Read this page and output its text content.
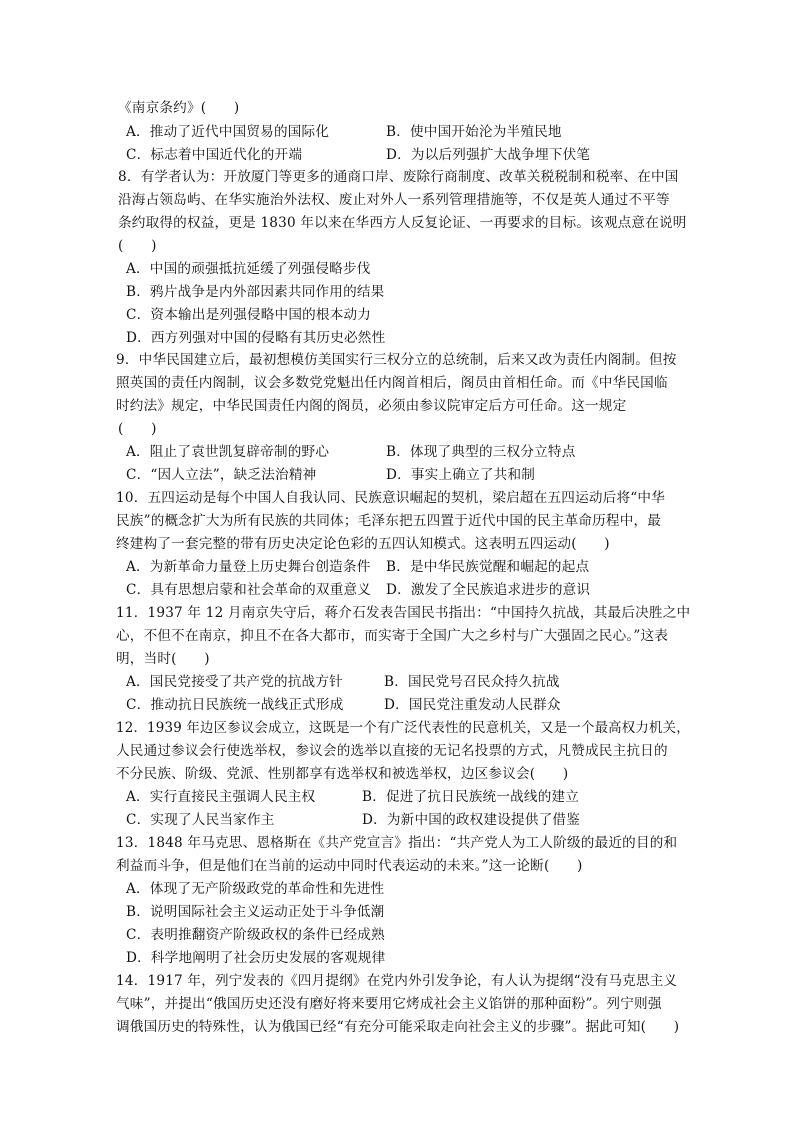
《南京条约》(　　)
A．推动了近代中国贸易的国际化	B．使中国开始沦为半殖民地
C．标志着中国近代化的开端	D．为以后列强扩大战争埋下伏笔
8．有学者认为：开放厦门等更多的通商口岸、废除行商制度、改革关税税制和税率、在中国
沿海占领岛屿、在华实施治外法权、废止对外人一系列管理措施等，不仅是英人通过不平等
条约取得的权益，更是 1830 年以来在华西方人反复论证、一再要求的目标。该观点意在说明
(　　)
A．中国的顽强抵抗延缓了列强侵略步伐
B．鸦片战争是内外部因素共同作用的结果
C．资本输出是列强侵略中国的根本动力
D．西方列强对中国的侵略有其历史必然性
9．中华民国建立后，最初想模仿美国实行三权分立的总统制，后来又改为责任内阁制。但按
照英国的责任内阁制，议会多数党党魁出任内阁首相后，阁员由首相任命。而《中华民国临
时约法》规定，中华民国责任内阁的阁员，必须由参议院审定后方可任命。这一规定
(　　)
A．阻止了袁世凯复辟帝制的野心	B．体现了典型的三权分立特点
C．“因人立法”，缺乏法治精神	D．事实上确立了共和制
10．五四运动是每个中国人自我认同、民族意识崛起的契机，梁启超在五四运动后将“中华
民族”的概念扩大为所有民族的共同体；毛泽东把五四置于近代中国的民主革命历程中，最
终建构了一套完整的带有历史决定论色彩的五四认知模式。这表明五四运动(　　)
A．为新革命力量登上历史舞台创造条件 B．是中华民族觉醒和崛起的起点
C．具有思想启蒙和社会革命的双重意义 D．激发了全民族追求进步的意识
11．1937 年 12 月南京失守后，蒋介石发表告国民书指出：“中国持久抗战，其最后决胜之中
心，不但不在南京，抑且不在各大都市，而实寄于全国广大之乡村与广大强固之民心。”这表
明，当时(　　)
A．国民党接受了共产党的抗战方针	B．国民党号召民众持久抗战
C．推动抗日民族统一战线正式形成	D．国民党注重发动人民群众
12．1939 年边区参议会成立，这既是一个有广泛代表性的民意机关，又是一个最高权力机关，
人民通过参议会行使选举权，参议会的选举以直接的无记名投票的方式，凡赞成民主抗日的
不分民族、阶级、党派、性别都享有选举权和被选举权，边区参议会(　　)
A．实行直接民主强调人民主权	B．促进了抗日民族统一战线的建立
C．实现了人民当家作主	D．为新中国的政权建设提供了借鉴
13．1848 年马克思、恩格斯在《共产党宣言》指出：“共产党人为工人阶级的最近的目的和
利益而斗争，但是他们在当前的运动中同时代表运动的未来。”这一论断(　　)
A．体现了无产阶级政党的革命性和先进性
B．说明国际社会主义运动正处于斗争低潮
C．表明推翻资产阶级政权的条件已经成熟
D．科学地阐明了社会历史发展的客观规律
14．1917 年，列宁发表的《四月提纲》在党内外引发争论，有人认为提纲“没有马克思主义
气味”，并提出“俄国历史还没有磨好将来要用它烤成社会主义馅饼的那种面粉”。列宁则强
调俄国历史的特殊性，认为俄国已经“有充分可能采取走向社会主义的步骤”。据此可知(　　)
